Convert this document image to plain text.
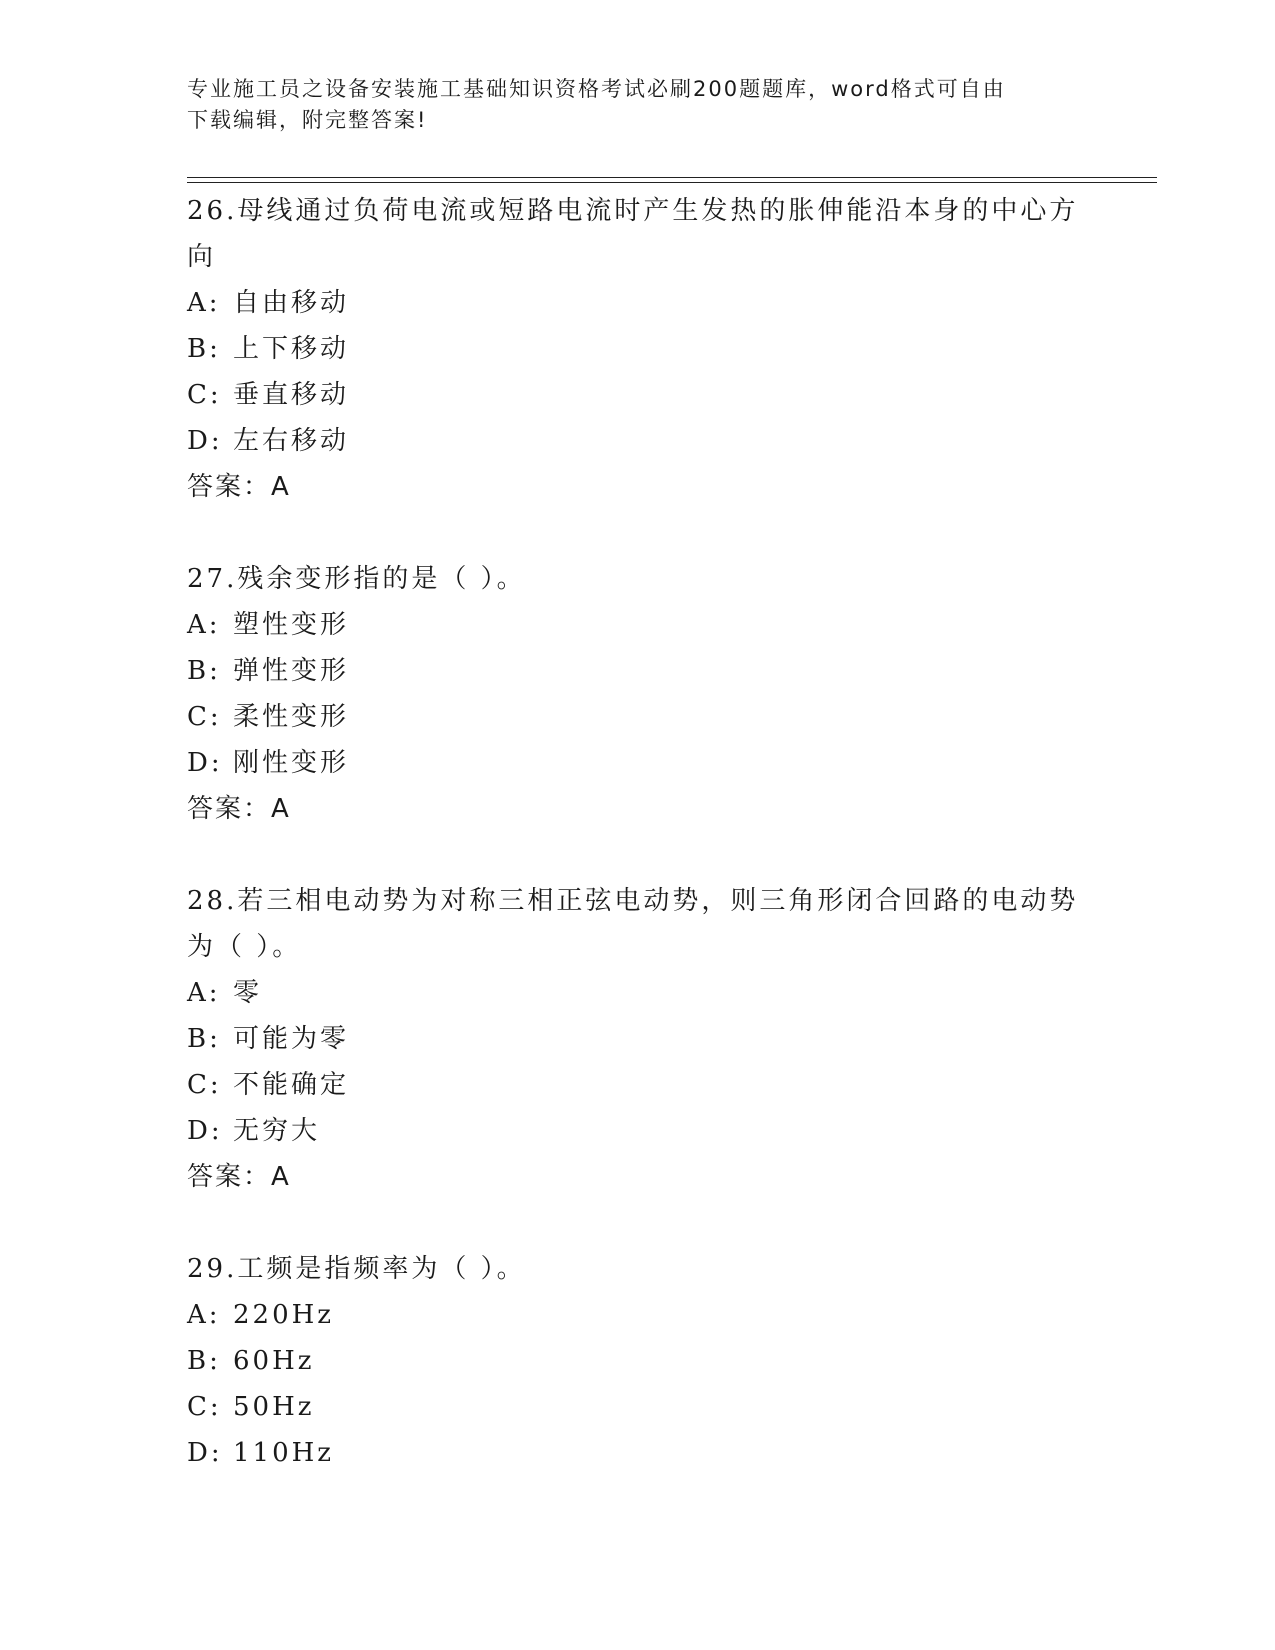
专业施工员之设备安装施工基础知识资格考试必刷200题题库，word格式可自由
下载编辑，附完整答案!
26.母线通过负荷电流或短路电流时产生发热的胀伸能沿本身的中心方
向
A: 自由移动
B: 上下移动
C: 垂直移动
D: 左右移动
答案：A
27.残余变形指的是（ ）。
A: 塑性变形
B: 弹性变形
C: 柔性变形
D: 刚性变形
答案：A
28.若三相电动势为对称三相正弦电动势，则三角形闭合回路的电动势
为（ ）。
A: 零
B: 可能为零
C: 不能确定
D: 无穷大
答案：A
29.工频是指频率为（ ）。
A: 220Hz
B: 60Hz
C: 50Hz
D: 110Hz
